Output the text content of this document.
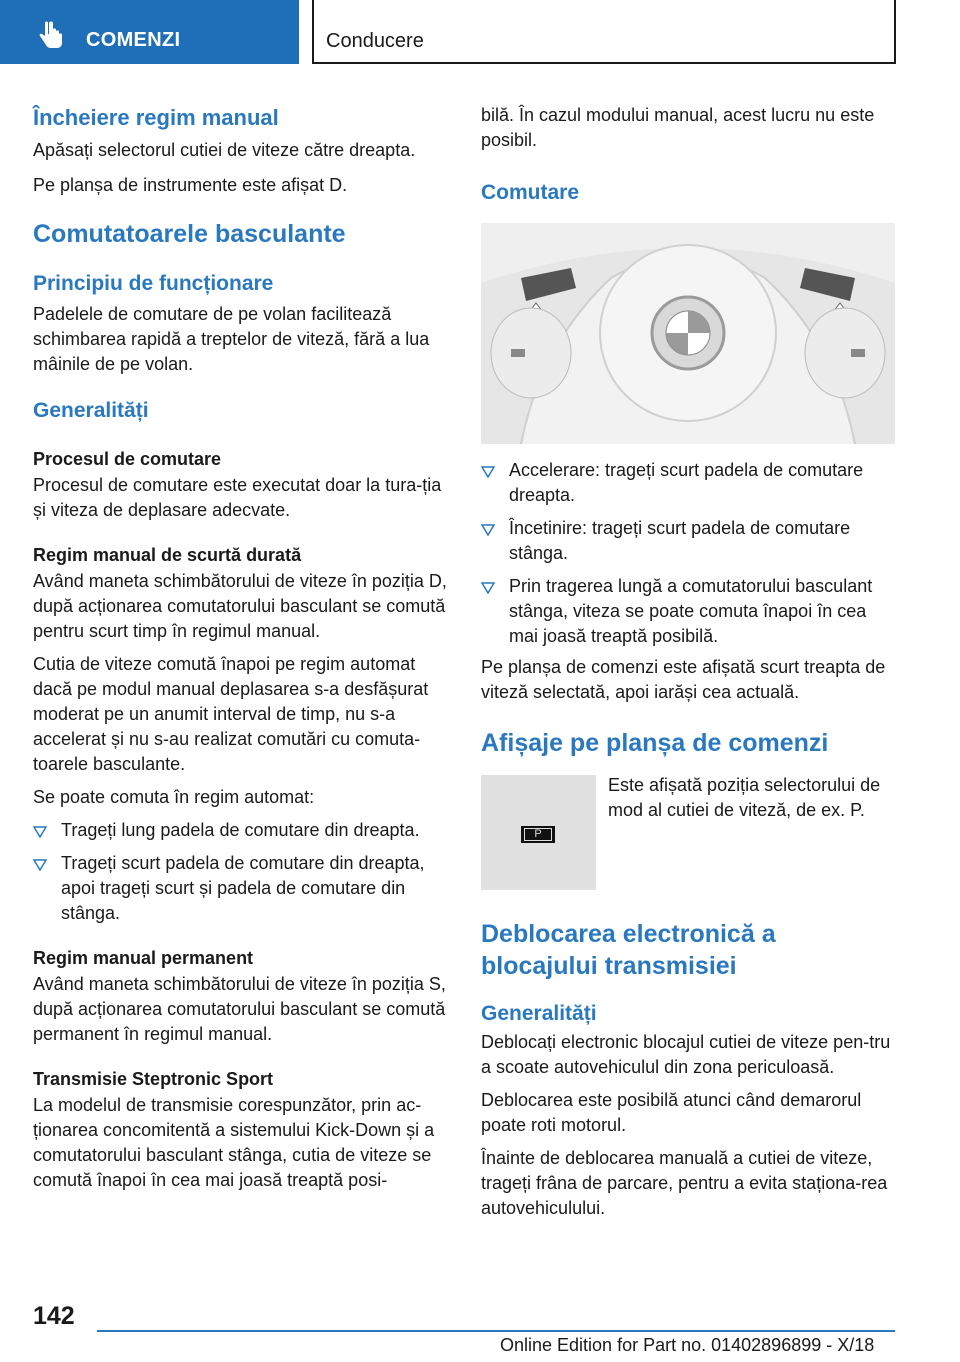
COMENZI	Conducere
Încheiere regim manual

Apăsați selectorul cutiei de viteze către dreapta.

Pe planșa de instrumente este afișat D.

Comutatoarele basculante
Principiu de funcționare

Padelele de comutare de pe volan facilitează schimbarea rapidă a treptelor de viteză, fără a lua mâinile de pe volan.

Generalități
Procesul de comutare

Procesul de comutare este executat doar la tura-ția și viteza de deplasare adecvate.

Regim manual de scurtă durată

Având maneta schimbătorului de viteze în poziția D, după acționarea comutatorului basculant se comută pentru scurt timp în regimul manual.

Cutia de viteze comută înapoi pe regim automat dacă pe modul manual deplasarea s-a desfășurat moderat pe un anumit interval de timp, nu s-a accelerat și nu s-au realizat comutări cu comuta-toarele basculante.

Se poate comuta în regim automat:

Trageți lung padela de comutare din dreapta.
Trageți scurt padela de comutare din dreapta, apoi trageți scurt și padela de comutare din stânga.
Regim manual permanent

Având maneta schimbătorului de viteze în poziția S, după acționarea comutatorului basculant se comută permanent în regimul manual.

Transmisie Steptronic Sport

La modelul de transmisie corespunzător, prin ac-ționarea concomitentă a sistemului Kick-Down și a comutatorului basculant stânga, cutia de viteze se comută înapoi în cea mai joasă treaptă posi-

bilă. În cazul modului manual, acest lucru nu este posibil.

Comutare
Accelerare: trageți scurt padela de comutare dreapta.
Încetinire: trageți scurt padela de comutare stânga.
Prin tragerea lungă a comutatorului basculant stânga, viteza se poate comuta înapoi în cea mai joasă treaptă posibilă.

Pe planșa de comenzi este afișată scurt treapta de viteză selectată, apoi iarăși cea actuală.

Afișaje pe planșa de comenzi
P

Este afișată poziția selectorului de mod al cutiei de viteză, de ex. P.

Deblocarea electronică a blocajului transmisiei
Generalități

Deblocați electronic blocajul cutiei de viteze pen-tru a scoate autovehiculul din zona periculoasă.

Deblocarea este posibilă atunci când demarorul poate roti motorul.

Înainte de deblocarea manuală a cutiei de viteze, trageți frâna de parcare, pentru a evita staționa-rea autovehiculului.

142
Online Edition for Part no. 01402896899 - X/18
